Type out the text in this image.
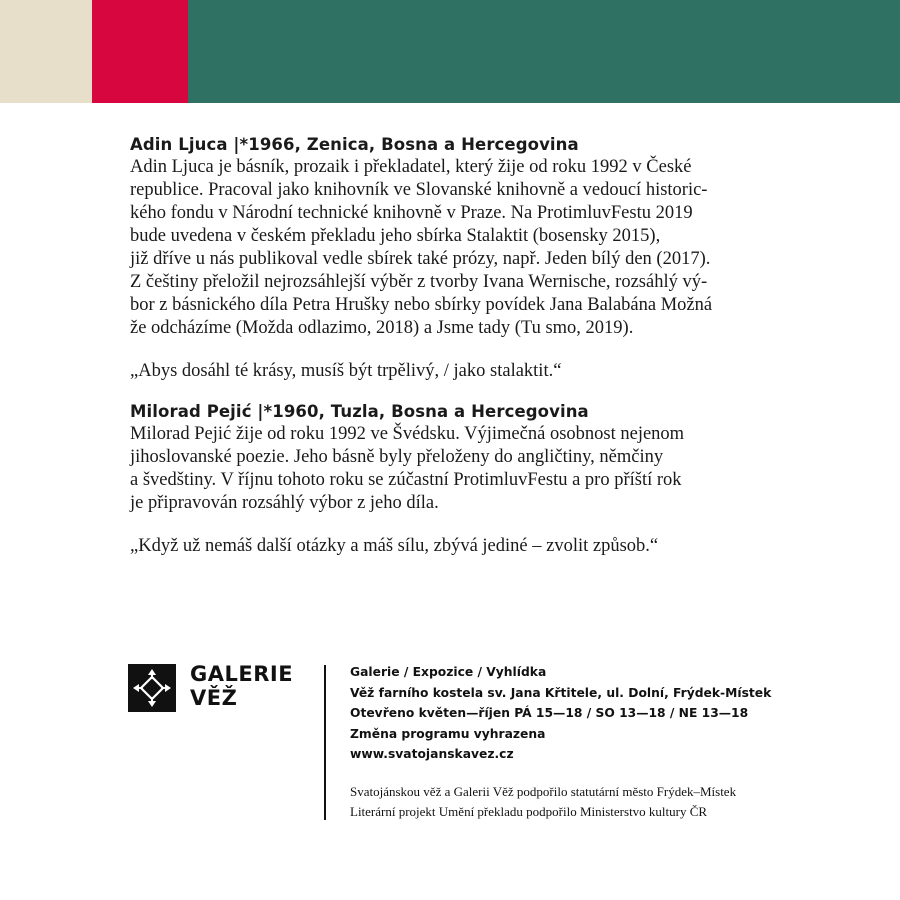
Adin Ljuca |*1966, Zenica, Bosna a Hercegovina

Adin Ljuca je básník, prozaik i překladatel, který žije od roku 1992 v České
republice. Pracoval jako knihovník ve Slovanské knihovně a vedoucí historic-
kého fondu v Národní technické knihovně v Praze. Na ProtimluvFestu 2019
bude uvedena v českém překladu jeho sbírka Stalaktit (bosensky 2015),
již dříve u nás publikoval vedle sbírek také prózy, např. Jeden bílý den (2017).
Z češtiny přeložil nejrozsáhlejší výběr z tvorby Ivana Wernische, rozsáhlý vý-
bor z básnického díla Petra Hrušky nebo sbírky povídek Jana Balabána Možná
že odcházíme (Možda odlazimo, 2018) a Jsme tady (Tu smo, 2019).

„Abys dosáhl té krásy, musíš být trpělivý, / jako stalaktit.“

Milorad Pejić |*1960, Tuzla, Bosna a Hercegovina

Milorad Pejić žije od roku 1992 ve Švédsku. Výjimečná osobnost nejenom
jihoslovanské poezie. Jeho básně byly přeloženy do angličtiny, němčiny
a švedštiny. V říjnu tohoto roku se zúčastní ProtimluvFestu a pro příští rok
je připravován rozsáhlý výbor z jeho díla.

„Když už nemáš další otázky a máš sílu, zbývá jediné – zvolit způsob.“

GALERIE
VĚŽ
Galerie / Expozice / Vyhlídka
Věž farního kostela sv. Jana Křtitele, ul. Dolní, Frýdek-Místek
Otevřeno květen—říjen PÁ 15—18 / SO 13—18 / NE 13—18
Změna programu vyhrazena
www.svatojanskavez.cz
Svatojánskou věž a Galerii Věž podpořilo statutární město Frýdek–Místek
Literární projekt Umění překladu podpořilo Ministerstvo kultury ČR
